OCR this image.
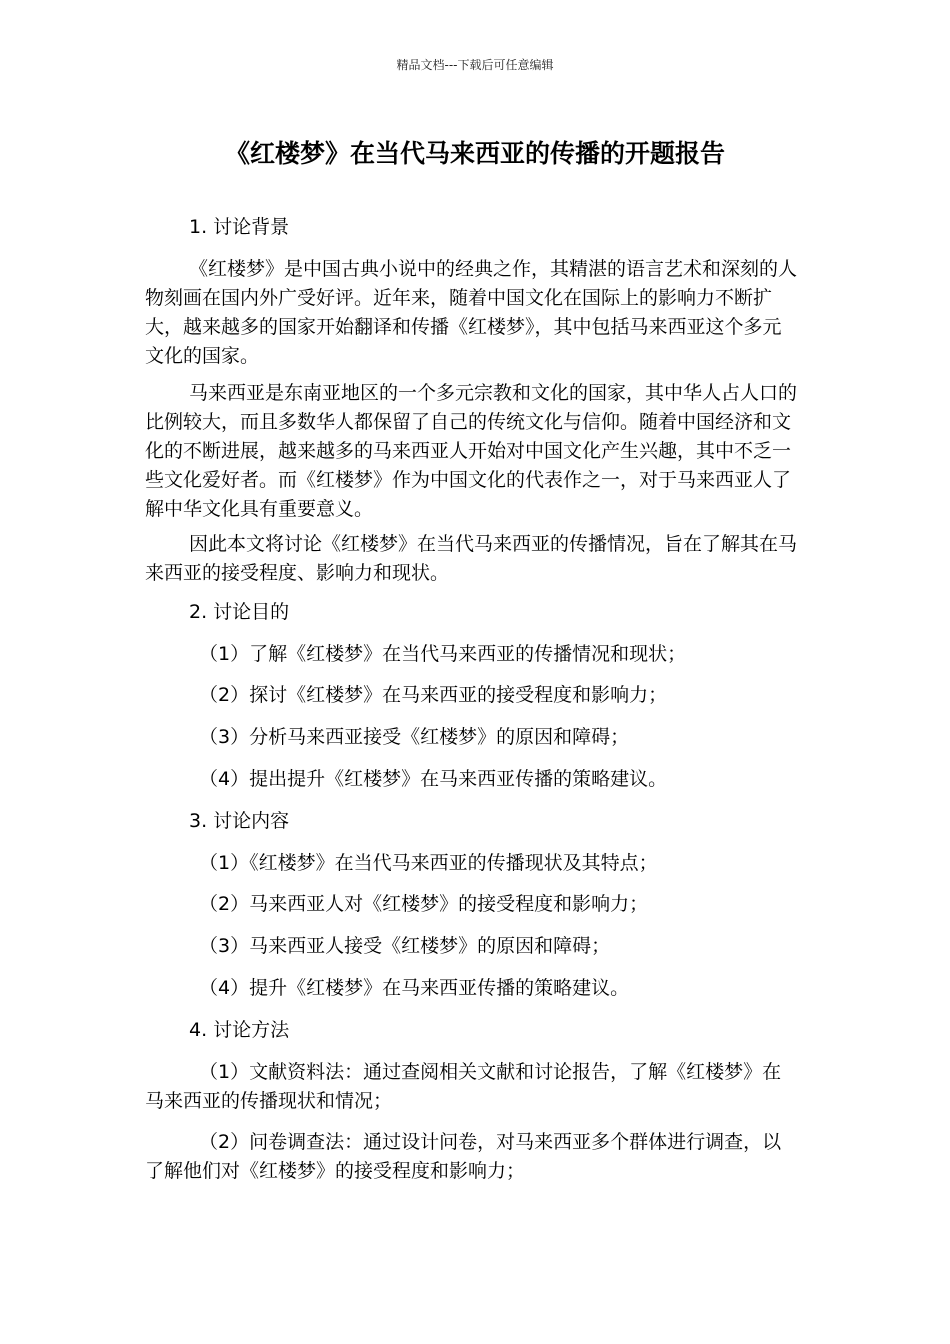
精品文档---下载后可任意编辑
《红楼梦》在当代马来西亚的传播的开题报告

1. 讨论背景

《红楼梦》是中国古典小说中的经典之作，其精湛的语言艺术和深刻的人物刻画在国内外广受好评。近年来，随着中国文化在国际上的影响力不断扩大，越来越多的国家开始翻译和传播《红楼梦》，其中包括马来西亚这个多元文化的国家。

马来西亚是东南亚地区的一个多元宗教和文化的国家，其中华人占人口的比例较大，而且多数华人都保留了自己的传统文化与信仰。随着中国经济和文化的不断进展，越来越多的马来西亚人开始对中国文化产生兴趣，其中不乏一些文化爱好者。而《红楼梦》作为中国文化的代表作之一，对于马来西亚人了解中华文化具有重要意义。

因此本文将讨论《红楼梦》在当代马来西亚的传播情况，旨在了解其在马来西亚的接受程度、影响力和现状。

2. 讨论目的

（1）了解《红楼梦》在当代马来西亚的传播情况和现状；

（2）探讨《红楼梦》在马来西亚的接受程度和影响力；

（3）分析马来西亚接受《红楼梦》的原因和障碍；

（4）提出提升《红楼梦》在马来西亚传播的策略建议。

3. 讨论内容

（1）《红楼梦》在当代马来西亚的传播现状及其特点；

（2）马来西亚人对《红楼梦》的接受程度和影响力；

（3）马来西亚人接受《红楼梦》的原因和障碍；

（4）提升《红楼梦》在马来西亚传播的策略建议。

4. 讨论方法

（1）文献资料法：通过查阅相关文献和讨论报告，了解《红楼梦》在马来西亚的传播现状和情况；

（2）问卷调查法：通过设计问卷，对马来西亚多个群体进行调查，以了解他们对《红楼梦》的接受程度和影响力；
